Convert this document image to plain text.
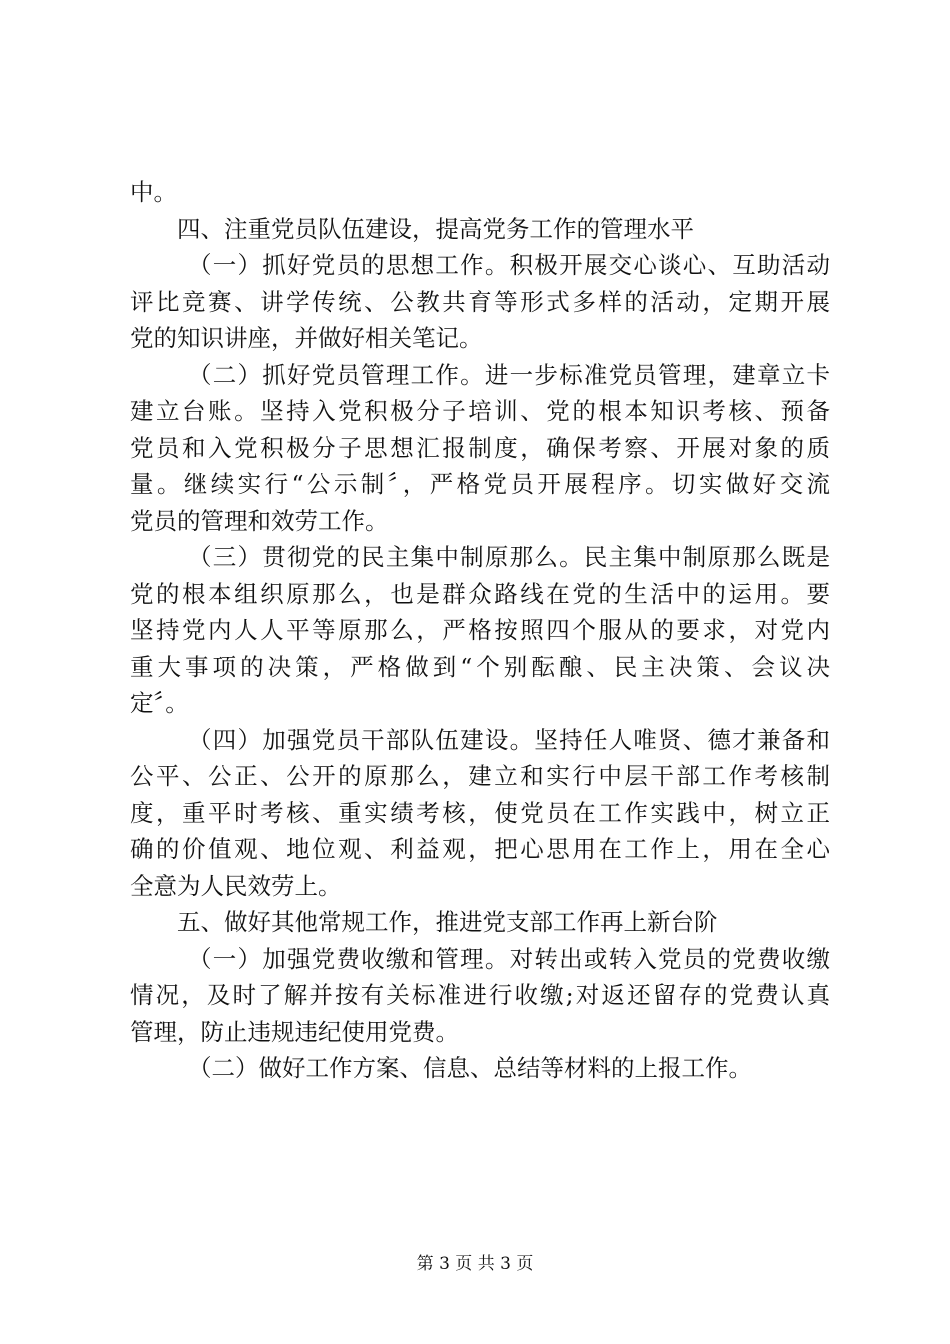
中。
四、注重党员队伍建设，提高党务工作的管理水平
（一）抓好党员的思想工作。积极开展交心谈心、互助活动
评比竞赛、讲学传统、公教共育等形式多样的活动，定期开展
党的知识讲座，并做好相关笔记。
（二）抓好党员管理工作。进一步标准党员管理，建章立卡
建立台账。坚持入党积极分子培训、党的根本知识考核、预备
党员和入党积极分子思想汇报制度，确保考察、开展对象的质
量。继续实行“公示制〞，严格党员开展程序。切实做好交流
党员的管理和效劳工作。
（三）贯彻党的民主集中制原那么。民主集中制原那么既是
党的根本组织原那么，也是群众路线在党的生活中的运用。要
坚持党内人人平等原那么，严格按照四个服从的要求，对党内
重大事项的决策，严格做到“个别酝酿、民主决策、会议决
定〞。
（四）加强党员干部队伍建设。坚持任人唯贤、德才兼备和
公平、公正、公开的原那么，建立和实行中层干部工作考核制
度，重平时考核、重实绩考核，使党员在工作实践中，树立正
确的价值观、地位观、利益观，把心思用在工作上，用在全心
全意为人民效劳上。
五、做好其他常规工作，推进党支部工作再上新台阶
（一）加强党费收缴和管理。对转出或转入党员的党费收缴
情况，及时了解并按有关标准进行收缴;对返还留存的党费认真
管理，防止违规违纪使用党费。
（二）做好工作方案、信息、总结等材料的上报工作。
第 3 页 共 3 页
